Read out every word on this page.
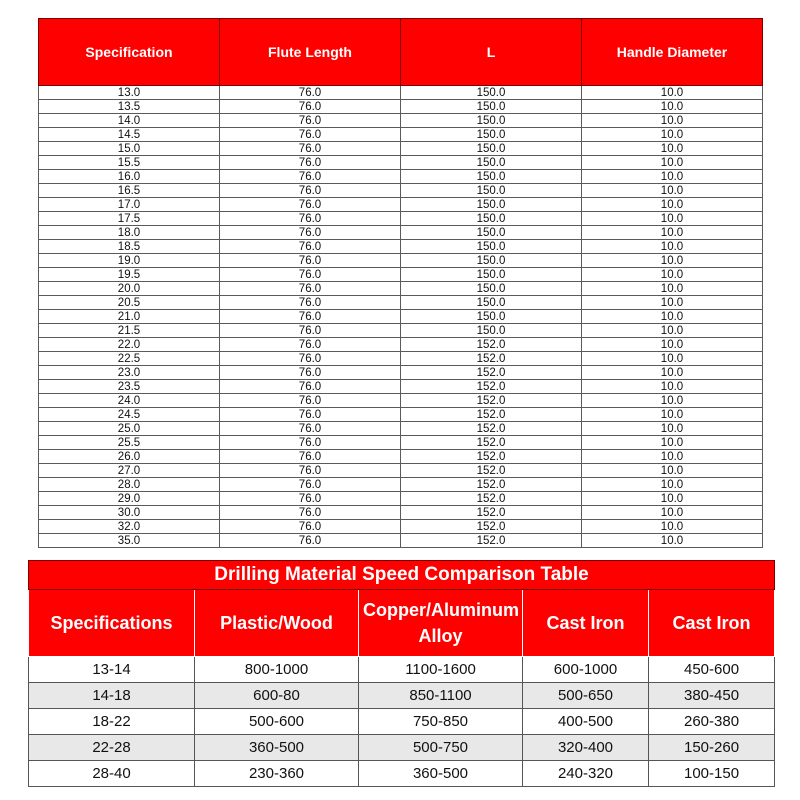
Specification	Flute Length	L	Handle Diameter
13.0	76.0	150.0	10.0
13.5	76.0	150.0	10.0
14.0	76.0	150.0	10.0
14.5	76.0	150.0	10.0
15.0	76.0	150.0	10.0
15.5	76.0	150.0	10.0
16.0	76.0	150.0	10.0
16.5	76.0	150.0	10.0
17.0	76.0	150.0	10.0
17.5	76.0	150.0	10.0
18.0	76.0	150.0	10.0
18.5	76.0	150.0	10.0
19.0	76.0	150.0	10.0
19.5	76.0	150.0	10.0
20.0	76.0	150.0	10.0
20.5	76.0	150.0	10.0
21.0	76.0	150.0	10.0
21.5	76.0	150.0	10.0
22.0	76.0	152.0	10.0
22.5	76.0	152.0	10.0
23.0	76.0	152.0	10.0
23.5	76.0	152.0	10.0
24.0	76.0	152.0	10.0
24.5	76.0	152.0	10.0
25.0	76.0	152.0	10.0
25.5	76.0	152.0	10.0
26.0	76.0	152.0	10.0
27.0	76.0	152.0	10.0
28.0	76.0	152.0	10.0
29.0	76.0	152.0	10.0
30.0	76.0	152.0	10.0
32.0	76.0	152.0	10.0
35.0	76.0	152.0	10.0
Drilling Material Speed Comparison Table				
Specifications	Plastic/Wood	Copper/Aluminum Alloy	Cast Iron	Cast Iron
13-14	800-1000	1100-1600	600-1000	450-600
14-18	600-80	850-1100	500-650	380-450
18-22	500-600	750-850	400-500	260-380
22-28	360-500	500-750	320-400	150-260
28-40	230-360	360-500	240-320	100-150
